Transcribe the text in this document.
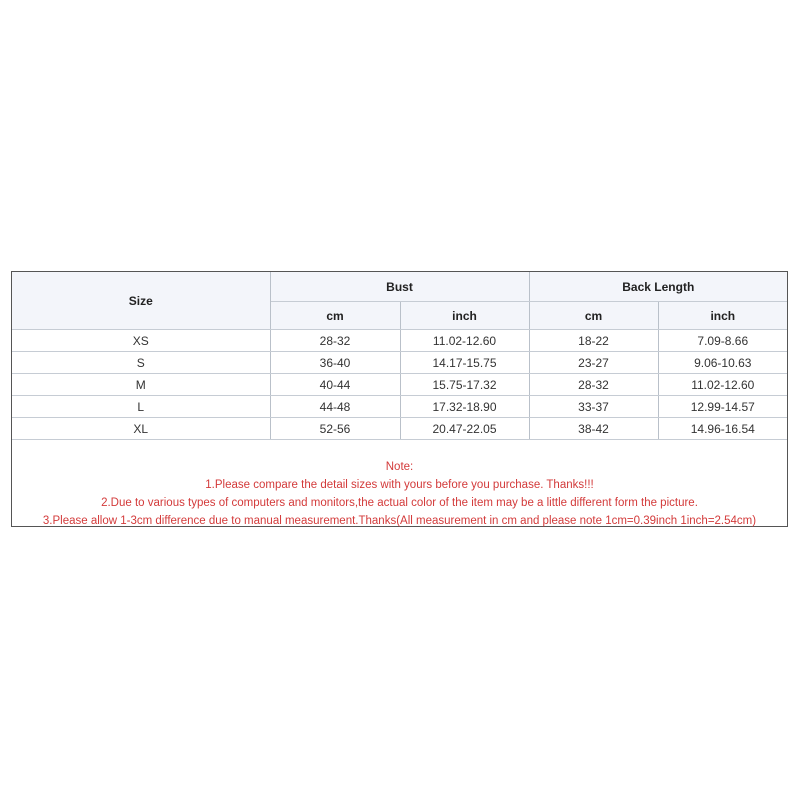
Size	Bust		Back Length	
	cm	inch	cm	inch
XS	28-32	11.02-12.60	18-22	7.09-8.66
S	36-40	14.17-15.75	23-27	9.06-10.63
M	40-44	15.75-17.32	28-32	11.02-12.60
L	44-48	17.32-18.90	33-37	12.99-14.57
XL	52-56	20.47-22.05	38-42	14.96-16.54
Note:
1.Please compare the detail sizes with yours before you purchase. Thanks!!!
2.Due to various types of computers and monitors,the actual color of the item may be a little different form the picture.
3.Please allow 1-3cm difference due to manual measurement.Thanks(All measurement in cm and please note 1cm=0.39inch 1inch=2.54cm)
